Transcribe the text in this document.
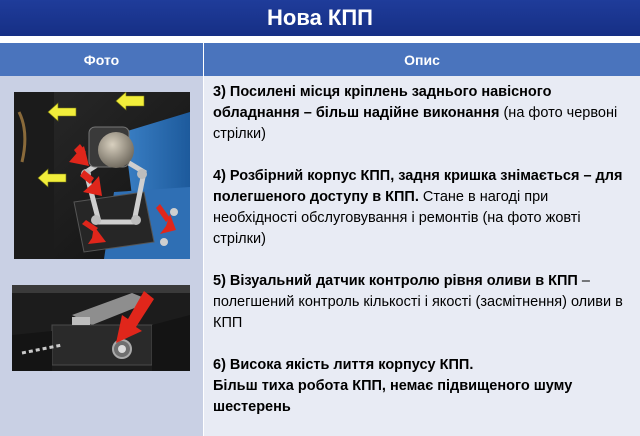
Нова КПП
Фото	Опис

3) Посилені місця кріплень заднього навісного обладнання – більш надійне виконання (на фото червоні стрілки)

4) Розбірний корпус КПП, задня кришка знімається – для полегшеного доступу в КПП. Стане в нагоді при необхідності обслуговування і ремонтів (на фото жовті стрілки)

5) Візуальний датчик контролю рівня оливи в КПП – полегшений контроль кількості і якості (засмітнення) оливи в КПП

6) Висока якість лиття корпусу КПП.
Більш тиха робота КПП, немає підвищеного шуму шестерень
